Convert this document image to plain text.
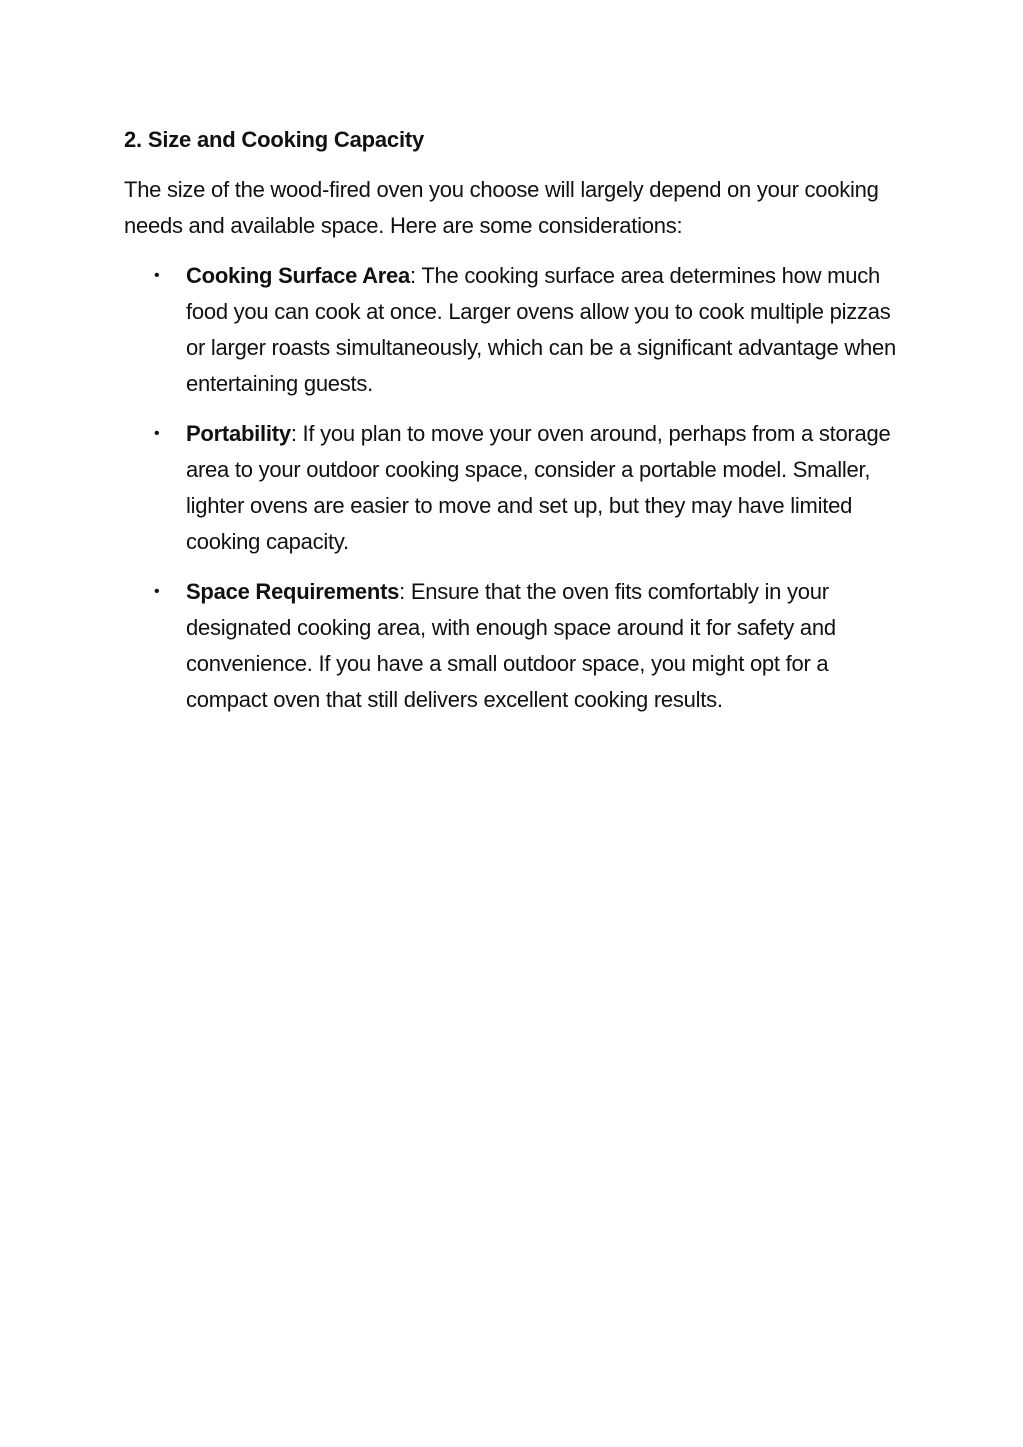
2. Size and Cooking Capacity

The size of the wood-fired oven you choose will largely depend on your cooking needs and available space. Here are some considerations:

• Cooking Surface Area: The cooking surface area determines how much food you can cook at once. Larger ovens allow you to cook multiple pizzas or larger roasts simultaneously, which can be a significant advantage when entertaining guests.
• Portability: If you plan to move your oven around, perhaps from a storage area to your outdoor cooking space, consider a portable model. Smaller, lighter ovens are easier to move and set up, but they may have limited cooking capacity.
• Space Requirements: Ensure that the oven fits comfortably in your designated cooking area, with enough space around it for safety and convenience. If you have a small outdoor space, you might opt for a compact oven that still delivers excellent cooking results.
